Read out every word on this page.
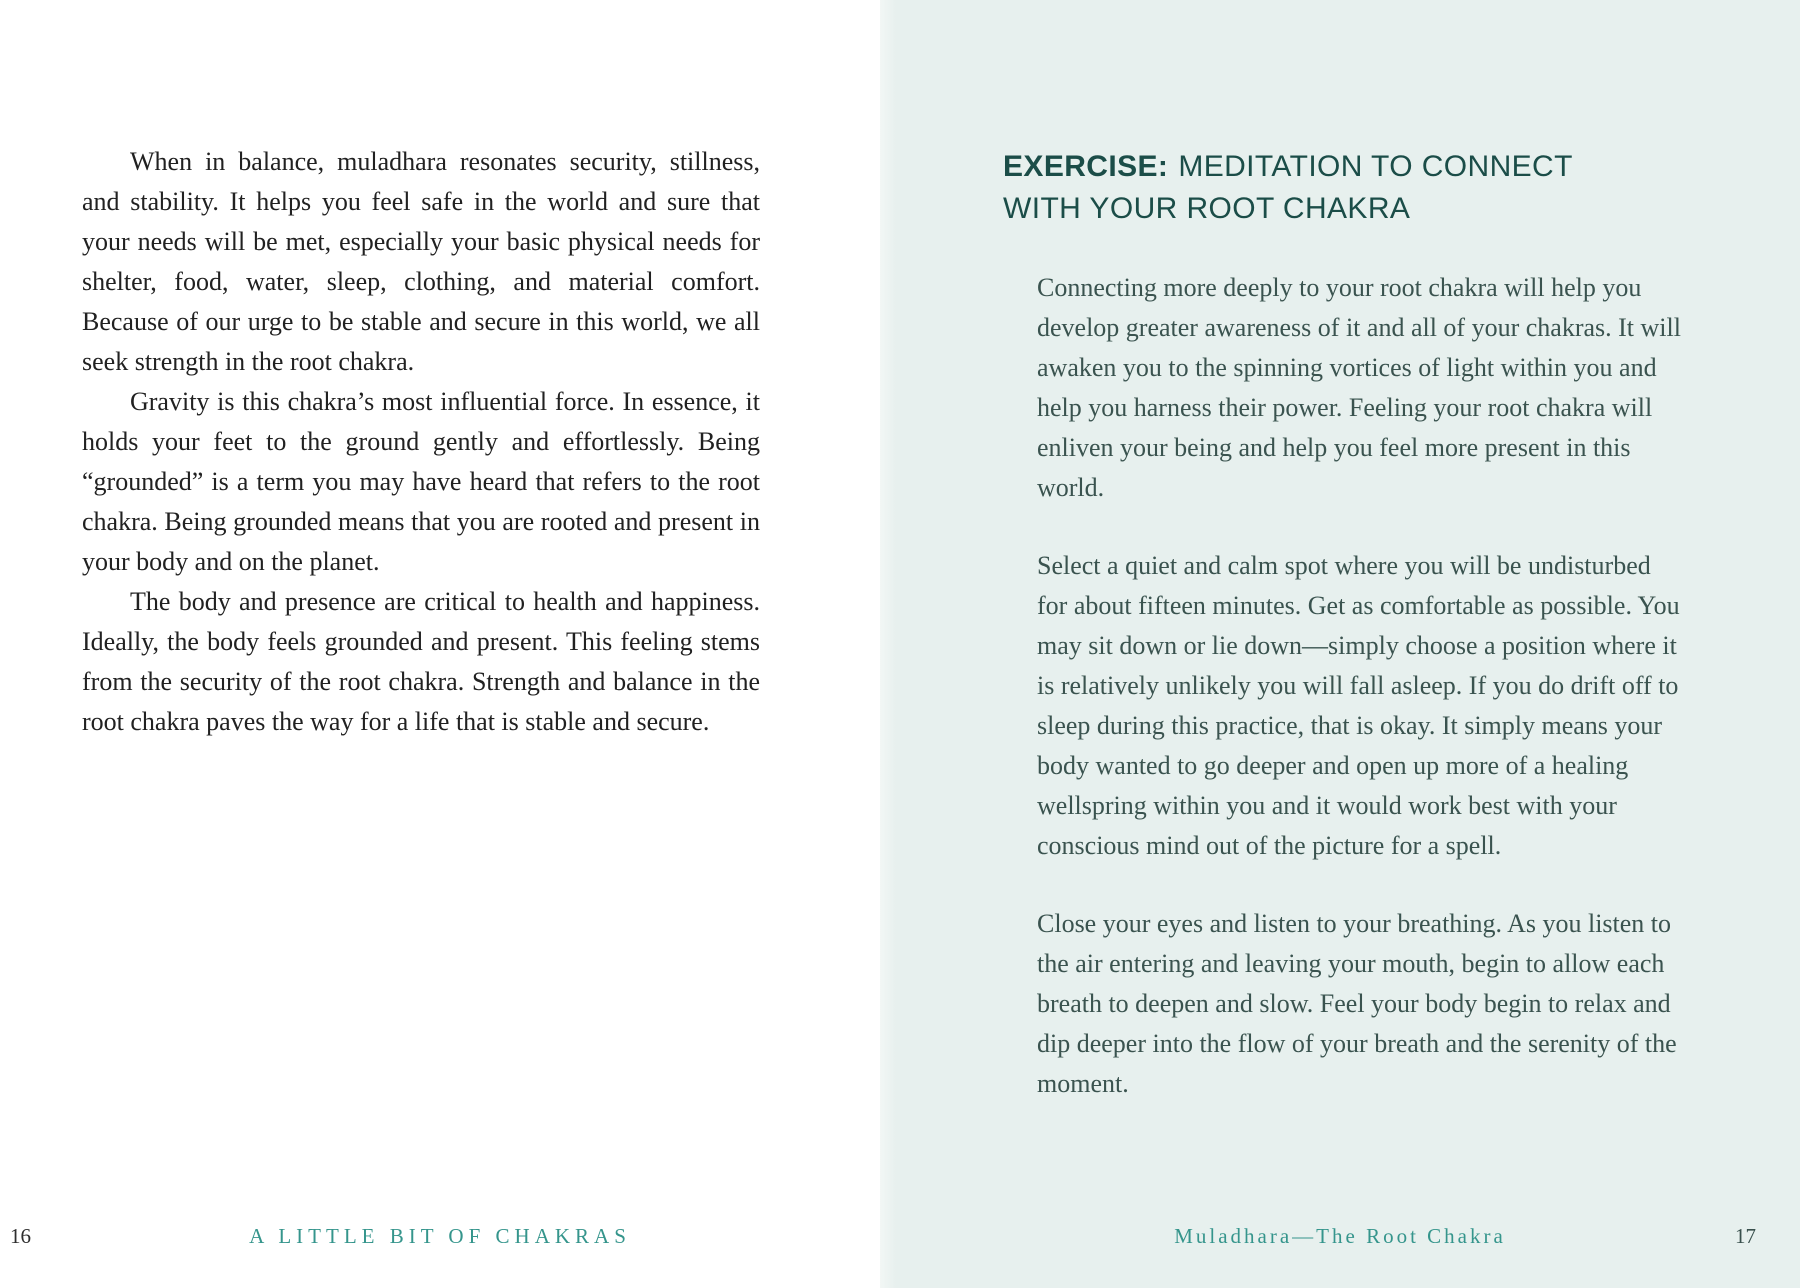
When in balance, muladhara resonates security, stillness, and stability. It helps you feel safe in the world and sure that your needs will be met, especially your basic physical needs for shelter, food, water, sleep, clothing, and material comfort. Because of our urge to be stable and secure in this world, we all seek strength in the root chakra.

Gravity is this chakra’s most influential force. In essence, it holds your feet to the ground gently and effortlessly. Being “grounded” is a term you may have heard that refers to the root chakra. Being grounded means that you are rooted and present in your body and on the planet.

The body and presence are critical to health and happiness. Ideally, the body feels grounded and present. This feeling stems from the security of the root chakra. Strength and balance in the root chakra paves the way for a life that is stable and secure.

16	A LITTLE BIT OF CHAKRAS
EXERCISE: MEDITATION TO CONNECT WITH YOUR ROOT CHAKRA

Connecting more deeply to your root chakra will help you develop greater awareness of it and all of your chakras. It will awaken you to the spinning vortices of light within you and help you harness their power. Feeling your root chakra will enliven your being and help you feel more present in this world.

Select a quiet and calm spot where you will be undisturbed for about fifteen minutes. Get as comfortable as possible. You may sit down or lie down—simply choose a position where it is relatively unlikely you will fall asleep. If you do drift off to sleep during this practice, that is okay. It simply means your body wanted to go deeper and open up more of a healing wellspring within you and it would work best with your conscious mind out of the picture for a spell.

Close your eyes and listen to your breathing. As you listen to the air entering and leaving your mouth, begin to allow each breath to deepen and slow. Feel your body begin to relax and dip deeper into the flow of your breath and the serenity of the moment.

Muladhara—The Root Chakra	17
